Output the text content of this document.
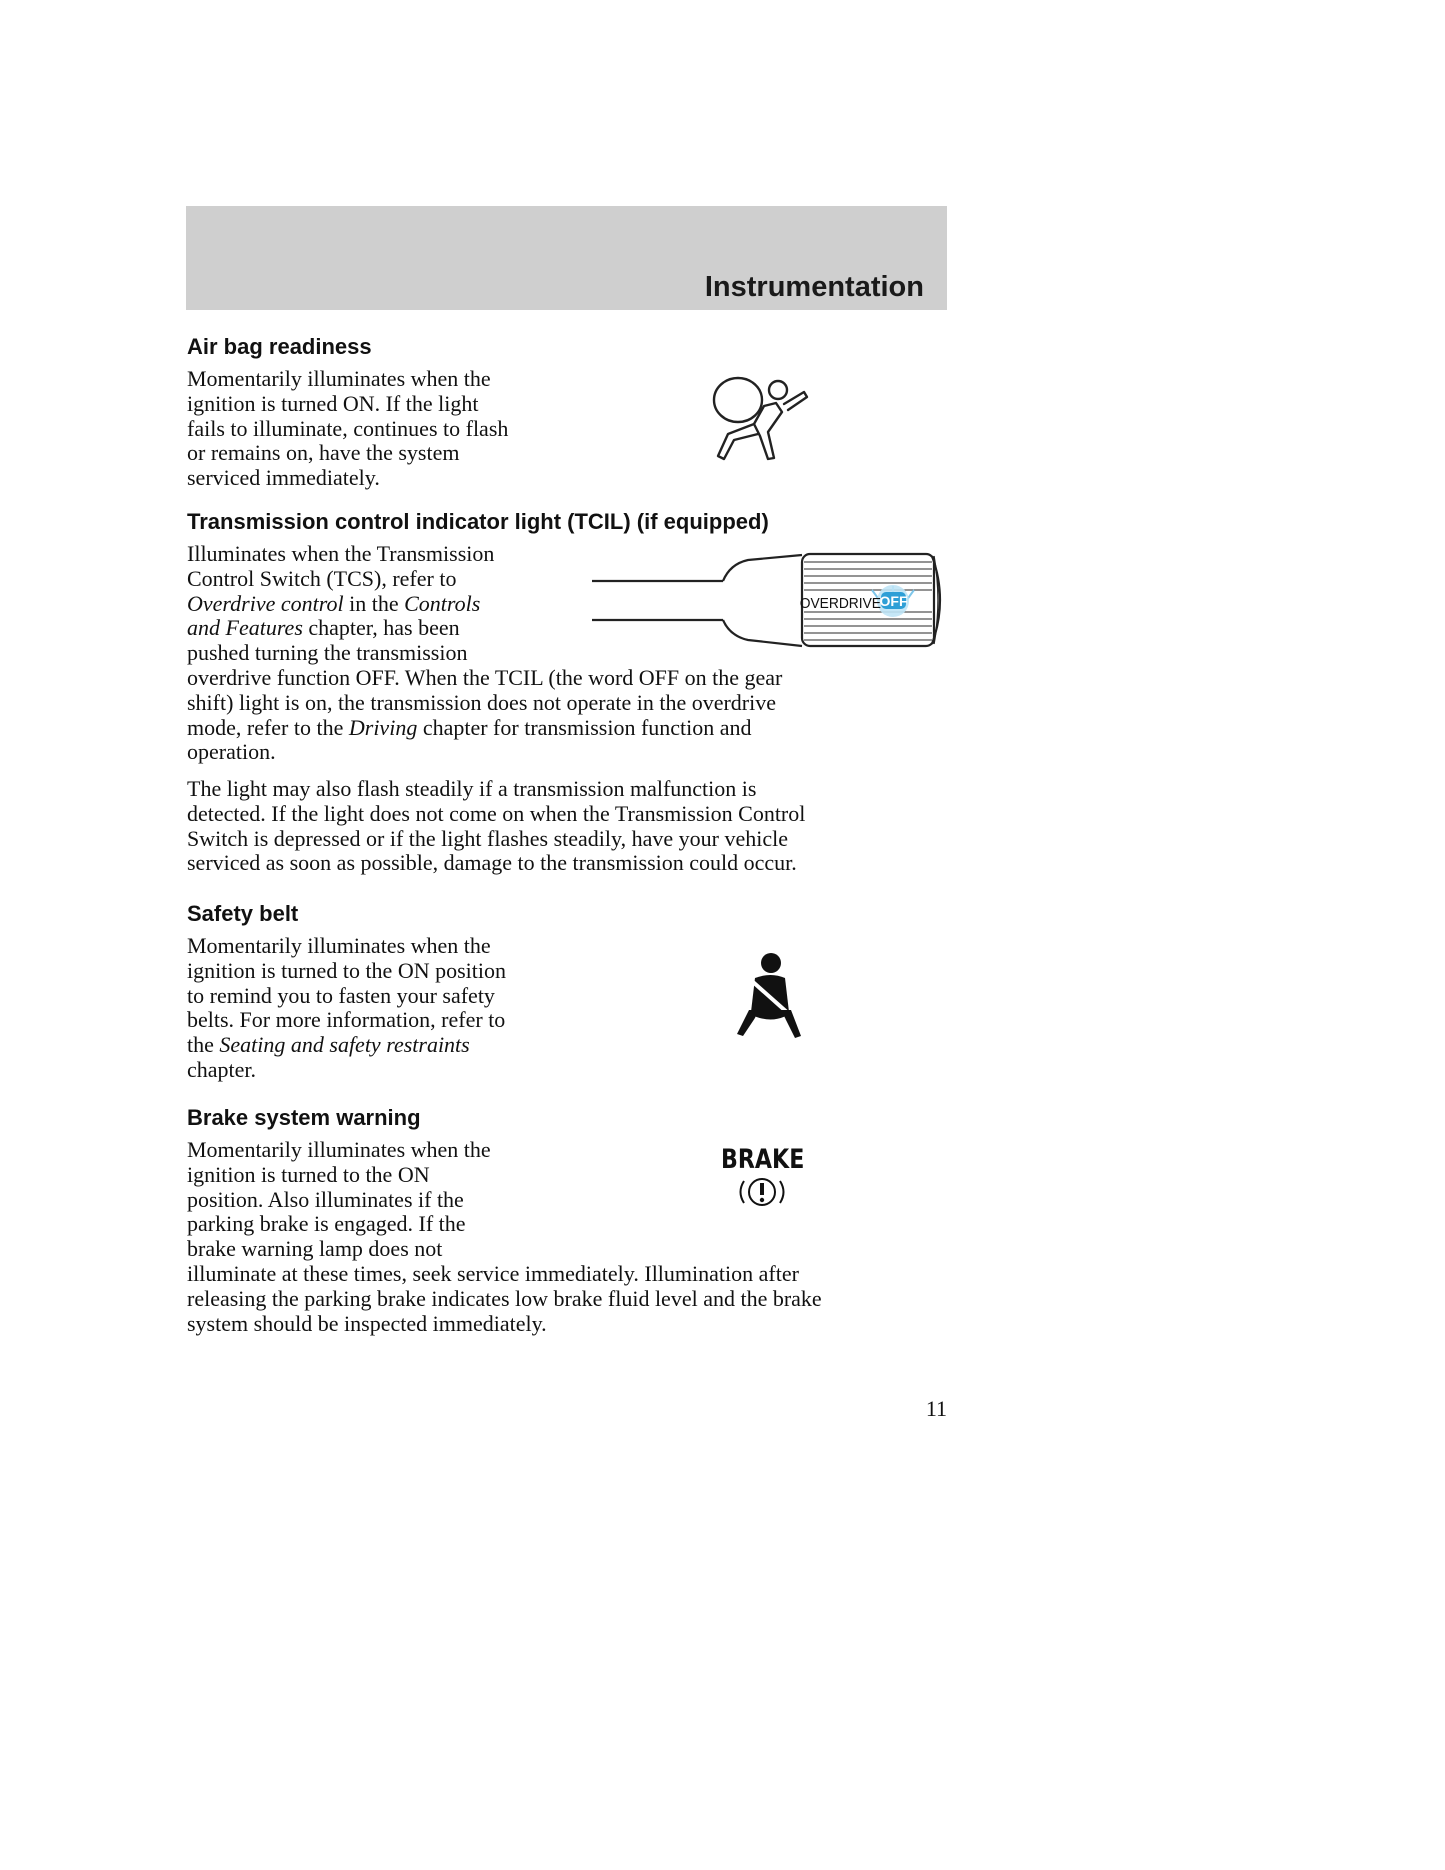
Instrumentation
Air bag readiness
Momentarily illuminates when the
ignition is turned ON. If the light
fails to illuminate, continues to flash
or remains on, have the system
serviced immediately.
Transmission control indicator light (TCIL) (if equipped)
Illuminates when the Transmission
Control Switch (TCS), refer to
Overdrive control in the Controls
and Features chapter, has been
pushed turning the transmission
overdrive function OFF. When the TCIL (the word OFF on the gear
shift) light is on, the transmission does not operate in the overdrive
mode, refer to the Driving chapter for transmission function and
operation.
OVERDRIVE
OFF
The light may also flash steadily if a transmission malfunction is
detected. If the light does not come on when the Transmission Control
Switch is depressed or if the light flashes steadily, have your vehicle
serviced as soon as possible, damage to the transmission could occur.
Safety belt
Momentarily illuminates when the
ignition is turned to the ON position
to remind you to fasten your safety
belts. For more information, refer to
the Seating and safety restraints
chapter.
Brake system warning
Momentarily illuminates when the
ignition is turned to the ON
position. Also illuminates if the
parking brake is engaged. If the
brake warning lamp does not
illuminate at these times, seek service immediately. Illumination after
releasing the parking brake indicates low brake fluid level and the brake
system should be inspected immediately.
BRAKE
11
